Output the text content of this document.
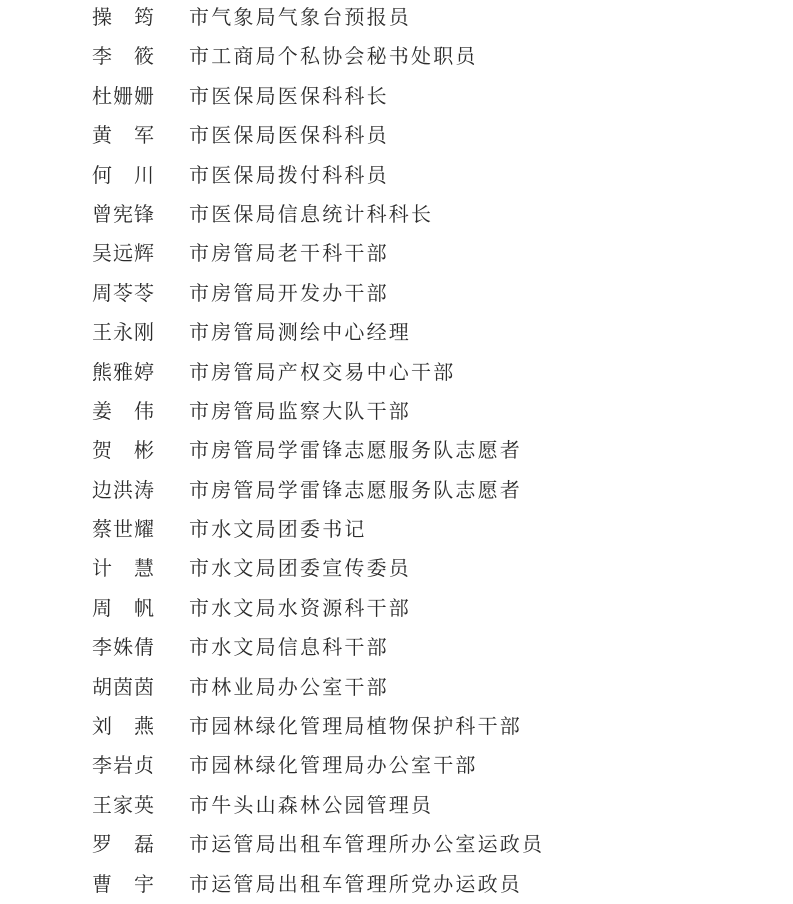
操　筠 市气象局气象台预报员
李　筱 市工商局个私协会秘书处职员
杜姗姗 市医保局医保科科长
黄　军 市医保局医保科科员
何　川 市医保局拨付科科员
曾宪锋 市医保局信息统计科科长
吴远辉 市房管局老干科干部
周苓苓 市房管局开发办干部
王永刚 市房管局测绘中心经理
熊雅婷 市房管局产权交易中心干部
姜　伟 市房管局监察大队干部
贺　彬 市房管局学雷锋志愿服务队志愿者
边洪涛 市房管局学雷锋志愿服务队志愿者
蔡世耀 市水文局团委书记
计　慧 市水文局团委宣传委员
周　帆 市水文局水资源科干部
李姝倩 市水文局信息科干部
胡茵茵 市林业局办公室干部
刘　燕 市园林绿化管理局植物保护科干部
李岩贞 市园林绿化管理局办公室干部
王家英 市牛头山森林公园管理员
罗　磊 市运管局出租车管理所办公室运政员
曹　宇 市运管局出租车管理所党办运政员
